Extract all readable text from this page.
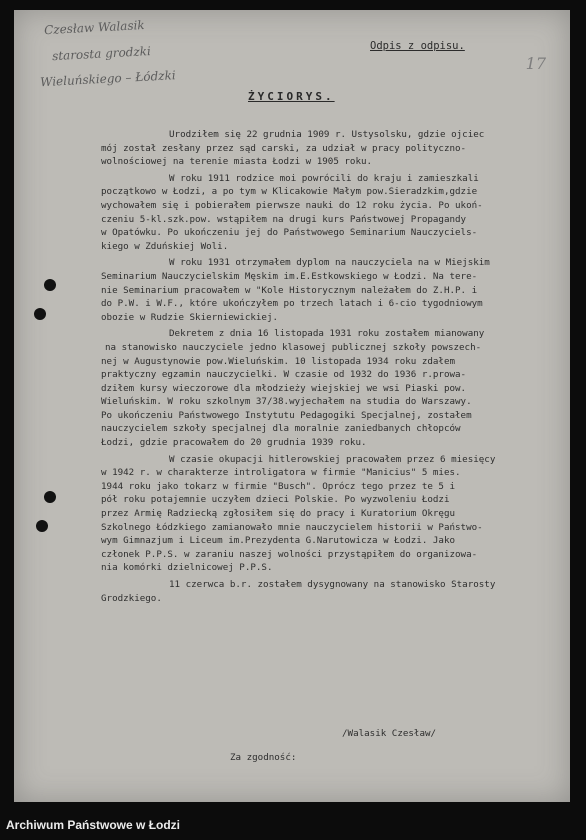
Czesław Walasik
starosta grodzki
Wieluńskiego – Łódzki
17
Odpis z odpisu.
ŻYCIORYS.
Urodziłem się 22 grudnia 1909 r. Ustysolsku, gdzie ojciec
mój został zesłany przez sąd carski, za udział w pracy polityczno-
wolnościowej na terenie miasta Łodzi w 1905 roku.
W roku 1911 rodzice moi powrócili do kraju i zamieszkali
początkowo w Łodzi, a po tym w Klicakowie Małym pow.Sieradzkim,gdzie
wychowałem się i pobierałem pierwsze nauki do 12 roku życia. Po ukoń-
czeniu 5-kl.szk.pow. wstąpiłem na drugi kurs Państwowej Propagandy
w Opatówku. Po ukończeniu jej do Państwowego Seminarium Nauczyciels-
kiego w Zduńskiej Woli.
W roku 1931 otrzymałem dyplom na nauczyciela na w Miejskim
Seminarium Nauczycielskim Męskim im.E.Estkowskiego w Łodzi. Na tere-
nie Seminarium pracowałem w "Kole Historycznym należałem do Z.H.P. i
do P.W. i W.F., które ukończyłem po trzech latach i 6-cio tygodniowym
obozie w Rudzie Skierniewickiej.
Dekretem z dnia 16 listopada 1931 roku zostałem mianowany
na stanowisko nauczyciele jedno klasowej publicznej szkoły powszech-
nej w Augustynowie pow.Wieluńskim. 10 listopada 1934 roku zdałem
praktyczny egzamin nauczycielki. W czasie od 1932 do 1936 r.prowa-
dziłem kursy wieczorowe dla młodzieży wiejskiej we wsi Piaski pow.
Wieluńskim. W roku szkolnym 37/38.wyjechałem na studia do Warszawy.
Po ukończeniu Państwowego Instytutu Pedagogiki Specjalnej, zostałem
nauczycielem szkoły specjalnej dla moralnie zaniedbanych chłopców
Łodzi, gdzie pracowałem do 20 grudnia 1939 roku.
W czasie okupacji hitlerowskiej pracowałem przez 6 miesięcy
w 1942 r. w charakterze introligatora w firmie "Manicius" 5 mies.
1944 roku jako tokarz w firmie "Busch". Oprócz tego przez te 5 i
pół roku potajemnie uczyłem dzieci Polskie. Po wyzwoleniu Łodzi
przez Armię Radziecką zgłosiłem się do pracy i Kuratorium Okręgu
Szkolnego Łódzkiego zamianowało mnie nauczycielem historii w Państwo-
wym Gimnazjum i Liceum im.Prezydenta G.Narutowicza w Łodzi. Jako
członek P.P.S. w zaraniu naszej wolności przystąpiłem do organizowa-
nia komórki dzielnicowej P.P.S.
11 czerwca b.r. zostałem dysygnowany na stanowisko Starosty
Grodzkiego.
/Walasik Czesław/
Za zgodność:
Archiwum Państwowe w Łodzi
